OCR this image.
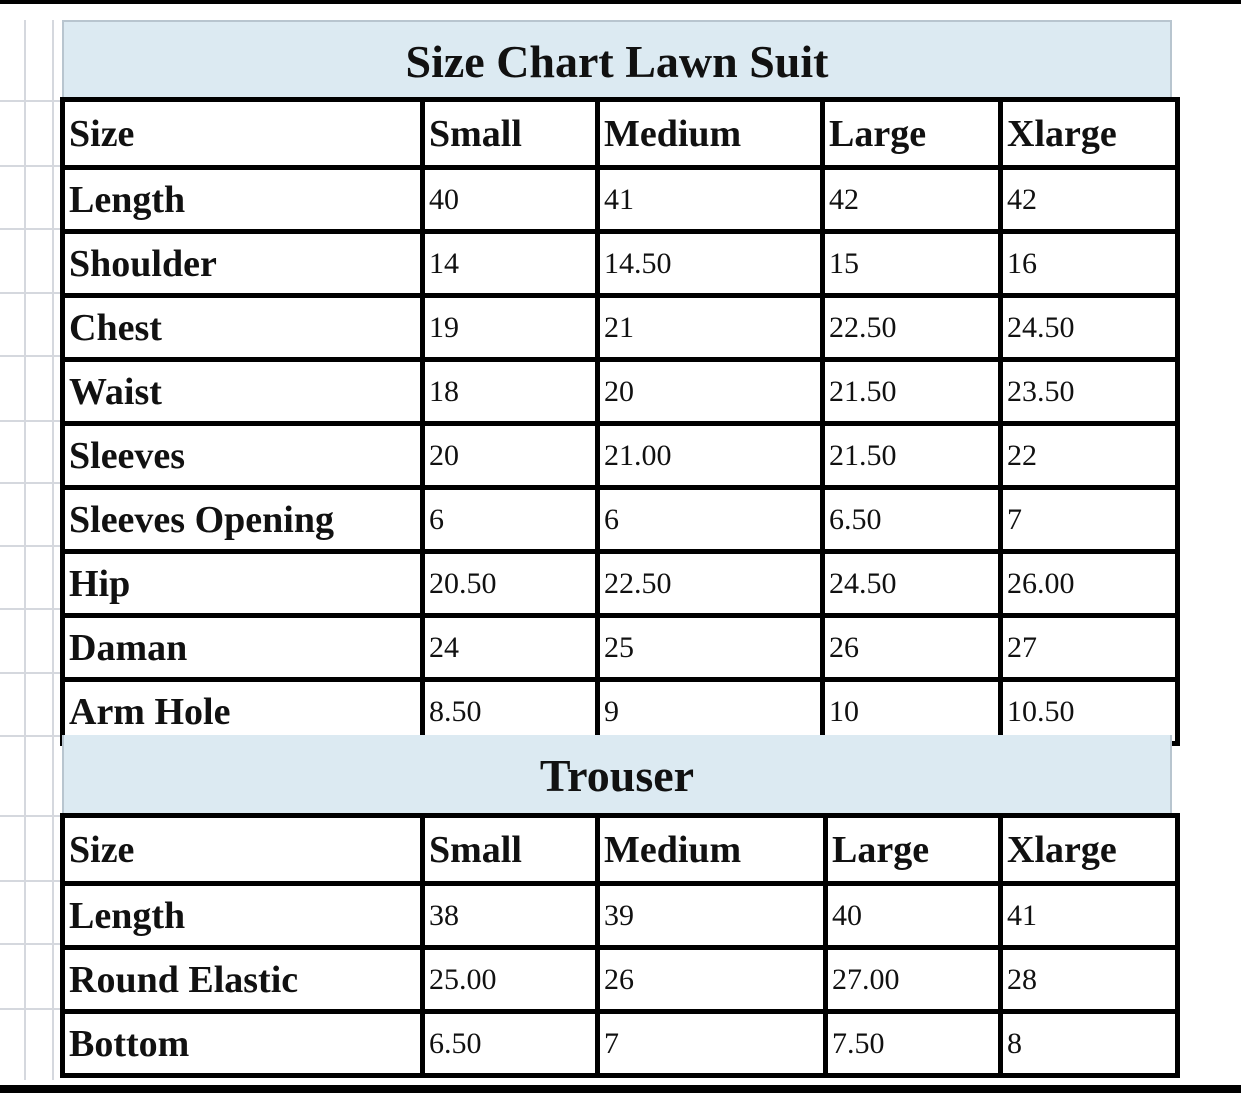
Size Chart Lawn Suit
Size	Small	Medium	Large	Xlarge
Length	40	41	42	42
Shoulder	14	14.50	15	16
Chest	19	21	22.50	24.50
Waist	18	20	21.50	23.50
Sleeves	20	21.00	21.50	22
Sleeves Opening	6	6	6.50	7
Hip	20.50	22.50	24.50	26.00
Daman	24	25	26	27
Arm Hole	8.50	9	10	10.50
Trouser
Size	Small	Medium	Large	Xlarge
Length	38	39	40	41
Round Elastic	25.00	26	27.00	28
Bottom	6.50	7	7.50	8
